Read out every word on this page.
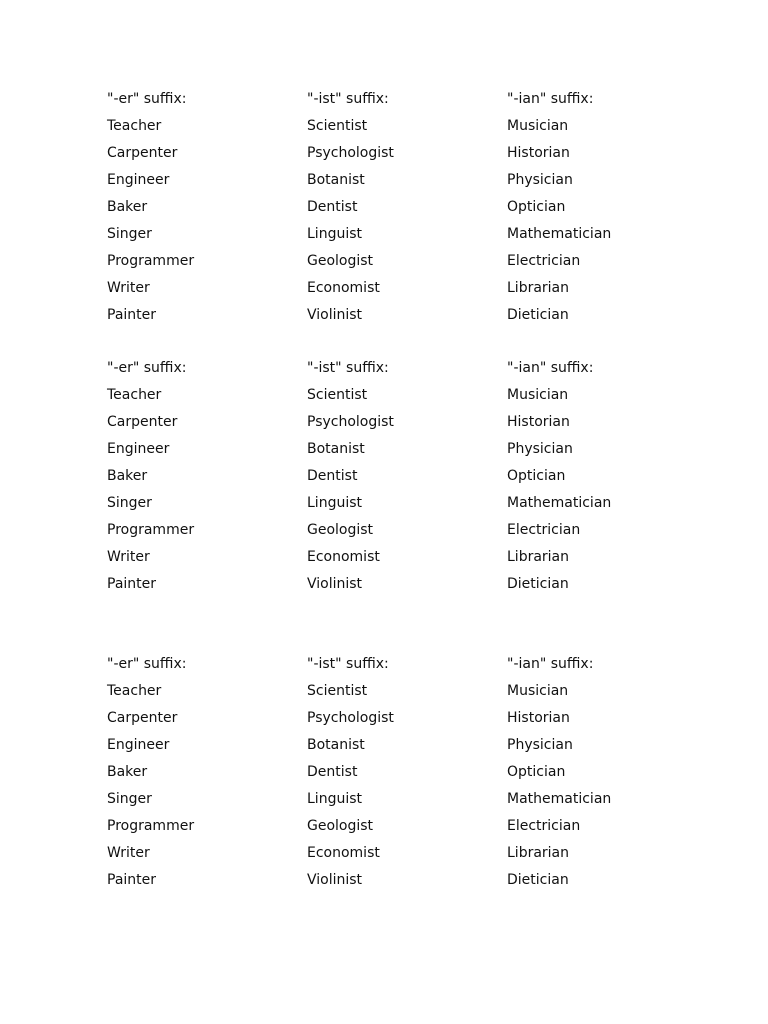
"-er" suffix:
Teacher
Carpenter
Engineer
Baker
Singer
Programmer
Writer
Painter
"-ist" suffix:
Scientist
Psychologist
Botanist
Dentist
Linguist
Geologist
Economist
Violinist
"-ian" suffix:
Musician
Historian
Physician
Optician
Mathematician
Electrician
Librarian
Dietician
"-er" suffix:
Teacher
Carpenter
Engineer
Baker
Singer
Programmer
Writer
Painter
"-ist" suffix:
Scientist
Psychologist
Botanist
Dentist
Linguist
Geologist
Economist
Violinist
"-ian" suffix:
Musician
Historian
Physician
Optician
Mathematician
Electrician
Librarian
Dietician
"-er" suffix:
Teacher
Carpenter
Engineer
Baker
Singer
Programmer
Writer
Painter
"-ist" suffix:
Scientist
Psychologist
Botanist
Dentist
Linguist
Geologist
Economist
Violinist
"-ian" suffix:
Musician
Historian
Physician
Optician
Mathematician
Electrician
Librarian
Dietician
